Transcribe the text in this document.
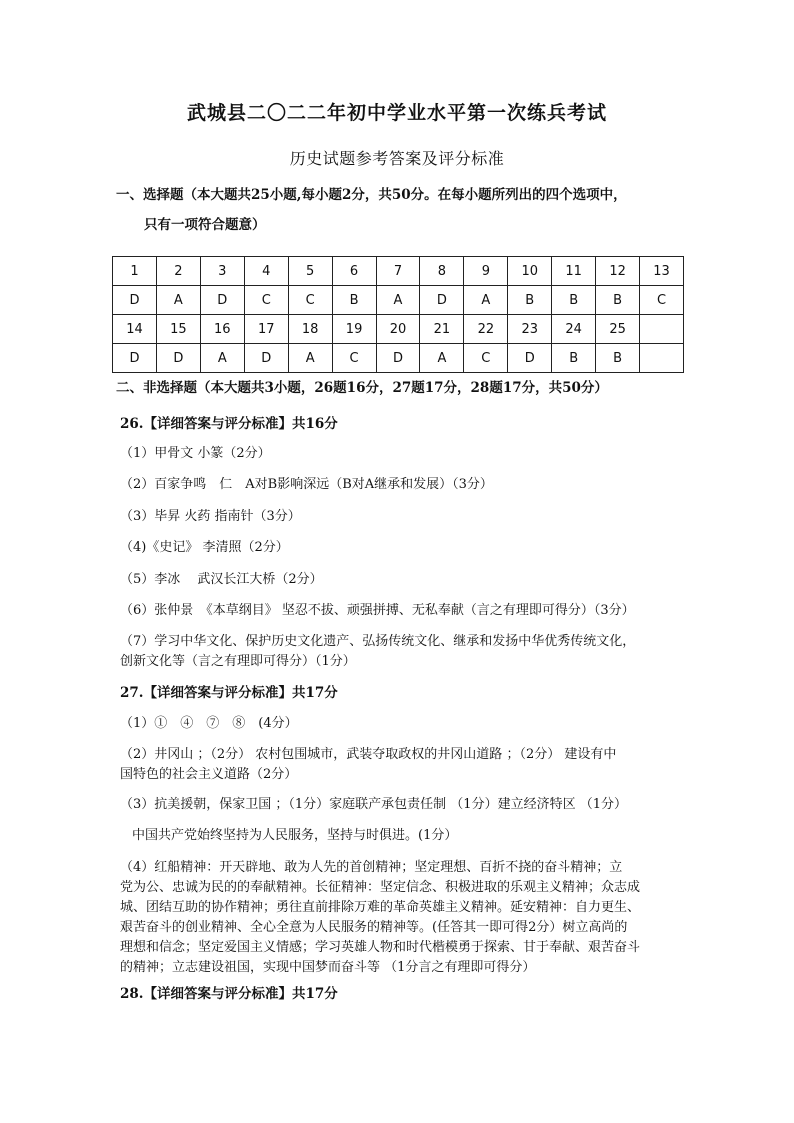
武城县二〇二二年初中学业水平第一次练兵考试
历史试题参考答案及评分标准
一、选择题（本大题共25小题,每小题2分，共50分。在每小题所列出的四个选项中，
只有一项符合题意）
1	2	3	4	5	6	7	8	9	10	11	12	13
D	A	D	C	C	B	A	D	A	B	B	B	C
14	15	16	17	18	19	20	21	22	23	24	25	
D	D	A	D	A	C	D	A	C	D	B	B	
二、非选择题（本大题共3小题，26题16分，27题17分，28题17分，共50分）
26.【详细答案与评分标准】共16分
（1）甲骨文 小篆（2分）
（2）百家争鸣　仁　A对B影响深远（B对A继承和发展）（3分）
（3）毕昇 火药 指南针（3分）
（4)《史记》 李清照（2分）
（5）李冰　 武汉长江大桥（2分）
（6）张仲景　《本草纲目》 坚忍不拔、顽强拼搏、无私奉献（言之有理即可得分）（3分）
（7）学习中华文化、保护历史文化遗产、弘扬传统文化、继承和发扬中华优秀传统文化，
创新文化等（言之有理即可得分）（1分）
27.【详细答案与评分标准】共17分
（1）①　④　⑦　⑧　(4分）
（2）井冈山 ；（2分） 农村包围城市，武装夺取政权的井冈山道路 ；（2分） 建设有中
国特色的社会主义道路（2分）
（3）抗美援朝，保家卫国 ；（1分）家庭联产承包责任制 （1分）建立经济特区 （1分）
中国共产党始终坚持为人民服务，坚持与时俱进。(1分）
（4）红船精神：开天辟地、敢为人先的首创精神；坚定理想、百折不挠的奋斗精神；立
党为公、忠诚为民的的奉献精神。长征精神：坚定信念、积极进取的乐观主义精神；众志成
城、团结互助的协作精神；勇往直前排除万难的革命英雄主义精神。延安精神：自力更生、
艰苦奋斗的创业精神、全心全意为人民服务的精神等。(任答其一即可得2分）树立高尚的
理想和信念；坚定爱国主义情感；学习英雄人物和时代楷模勇于探索、甘于奉献、艰苦奋斗
的精神；立志建设祖国，实现中国梦而奋斗等 （1分言之有理即可得分）
28.【详细答案与评分标准】共17分
